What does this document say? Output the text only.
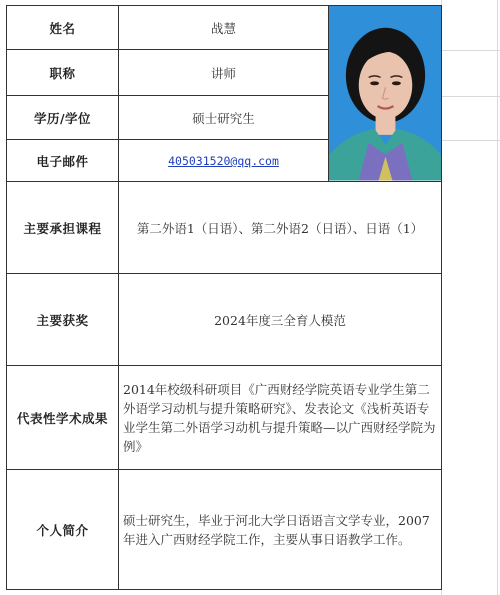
姓名	战慧	

职称	讲师	
学历/学位	硕士研究生	
电子邮件	405031520@qq.com	
主要承担课程	第二外语1（日语）、第二外语2（日语）、日语（1）	
主要获奖	2024年度三全育人模范	
代表性学术成果	2014年校级科研项目《广西财经学院英语专业学生第二外语学习动机与提升策略研究》、发表论文《浅析英语专业学生第二外语学习动机与提升策略—以广西财经学院为例》	
个人简介	硕士研究生，毕业于河北大学日语语言文学专业，2007年进入广西财经学院工作，主要从事日语教学工作。	
